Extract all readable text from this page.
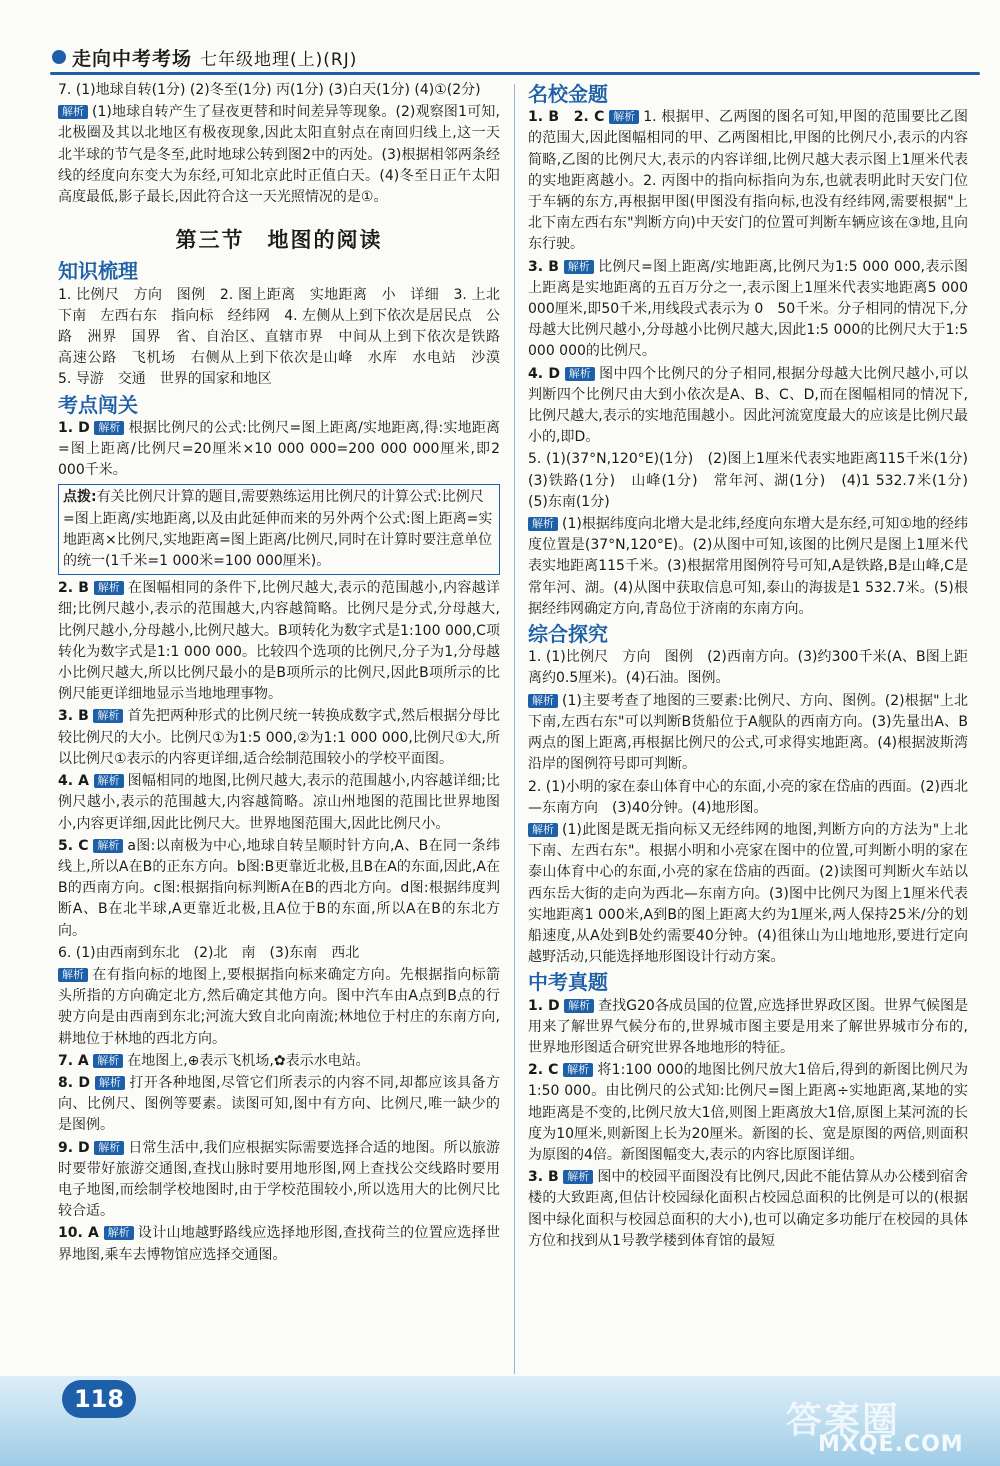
走向中考考场 七年级地理(上)(RJ)
7. (1)地球自转(1分) (2)冬至(1分) 丙(1分) (3)白天(1分) (4)①(2分)
解析 (1)地球自转产生了昼夜更替和时间差异等现象。(2)观察图1可知,北极圈及其以北地区有极夜现象,因此太阳直射点在南回归线上,这一天北半球的节气是冬至,此时地球公转到图2中的丙处。(3)根据相邻两条经线的经度向东变大为东经,可知北京此时正值白天。(4)冬至日正午太阳高度最低,影子最长,因此符合这一天光照情况的是①。
第三节　地图的阅读
知识梳理
1. 比例尺　方向　图例　2. 图上距离　实地距离　小　详细　3. 上北下南　左西右东　指向标　经纬网　4. 左侧从上到下依次是居民点　公路　洲界　国界　省、自治区、直辖市界　中间从上到下依次是铁路　高速公路　飞机场　右侧从上到下依次是山峰　水库　水电站　沙漠　5. 导游　交通　世界的国家和地区
考点闯关
1. D 解析 根据比例尺的公式:比例尺=图上距离/实地距离,得:实地距离=图上距离/比例尺=20厘米×10 000 000=200 000 000厘米,即2 000千米。
点拨:有关比例尺计算的题目,需要熟练运用比例尺的计算公式:比例尺=图上距离/实地距离,以及由此延伸而来的另外两个公式:图上距离=实地距离×比例尺,实地距离=图上距离/比例尺,同时在计算时要注意单位的统一(1千米=1 000米=100 000厘米)。
2. B 解析 在图幅相同的条件下,比例尺越大,表示的范围越小,内容越详细;比例尺越小,表示的范围越大,内容越简略。比例尺是分式,分母越大,比例尺越小,分母越小,比例尺越大。B项转化为数字式是1:100 000,C项转化为数字式是1:1 000 000。比较四个选项的比例尺,分子为1,分母越小比例尺越大,所以比例尺最小的是B项所示的比例尺,因此B项所示的比例尺能更详细地显示当地地理事物。
3. B 解析 首先把两种形式的比例尺统一转换成数字式,然后根据分母比较比例尺的大小。比例尺①为1:5 000,②为1:1 000 000,比例尺①大,所以比例尺①表示的内容更详细,适合绘制范围较小的学校平面图。
4. A 解析 图幅相同的地图,比例尺越大,表示的范围越小,内容越详细;比例尺越小,表示的范围越大,内容越简略。凉山州地图的范围比世界地图小,内容更详细,因此比例尺大。世界地图范围大,因此比例尺小。
5. C 解析 a图:以南极为中心,地球自转呈顺时针方向,A、B在同一条纬线上,所以A在B的正东方向。b图:B更靠近北极,且B在A的东面,因此,A在B的西南方向。c图:根据指向标判断A在B的西北方向。d图:根据纬度判断A、B在北半球,A更靠近北极,且A位于B的东面,所以A在B的东北方向。
6. (1)由西南到东北　(2)北　南　(3)东南　西北
解析 在有指向标的地图上,要根据指向标来确定方向。先根据指向标箭头所指的方向确定北方,然后确定其他方向。图中汽车由A点到B点的行驶方向是由西南到东北;河流大致自北向南流;林地位于村庄的东南方向,耕地位于林地的西北方向。
7. A 解析 在地图上,⊕表示飞机场,✿表示水电站。
8. D 解析 打开各种地图,尽管它们所表示的内容不同,却都应该具备方向、比例尺、图例等要素。读图可知,图中有方向、比例尺,唯一缺少的是图例。
9. D 解析 日常生活中,我们应根据实际需要选择合适的地图。所以旅游时要带好旅游交通图,查找山脉时要用地形图,网上查找公交线路时要用电子地图,而绘制学校地图时,由于学校范围较小,所以选用大的比例尺比较合适。
10. A 解析 设计山地越野路线应选择地形图,查找荷兰的位置应选择世界地图,乘车去博物馆应选择交通图。
名校金题
1. B　2. C 解析 1. 根据甲、乙两图的图名可知,甲图的范围要比乙图的范围大,因此图幅相同的甲、乙两图相比,甲图的比例尺小,表示的内容简略,乙图的比例尺大,表示的内容详细,比例尺越大表示图上1厘米代表的实地距离越小。2. 丙图中的指向标指向为东,也就表明此时天安门位于车辆的东方,再根据甲图(甲图没有指向标,也没有经纬网,需要根据"上北下南左西右东"判断方向)中天安门的位置可判断车辆应该在③地,且向东行驶。
3. B 解析 比例尺=图上距离/实地距离,比例尺为1:5 000 000,表示图上距离是实地距离的五百万分之一,表示图上1厘米代表实地距离5 000 000厘米,即50千米,用线段式表示为 0　50千米。分子相同的情况下,分母越大比例尺越小,分母越小比例尺越大,因此1:5 000的比例尺大于1:5 000 000的比例尺。
4. D 解析 图中四个比例尺的分子相同,根据分母越大比例尺越小,可以判断四个比例尺由大到小依次是A、B、C、D,而在图幅相同的情况下,比例尺越大,表示的实地范围越小。因此河流宽度最大的应该是比例尺最小的,即D。
5. (1)(37°N,120°E)(1分)　(2)图上1厘米代表实地距离115千米(1分)　(3)铁路(1分)　山峰(1分)　常年河、湖(1分)　(4)1 532.7米(1分)　(5)东南(1分)
解析 (1)根据纬度向北增大是北纬,经度向东增大是东经,可知①地的经纬度位置是(37°N,120°E)。(2)从图中可知,该图的比例尺是图上1厘米代表实地距离115千米。(3)根据常用图例符号可知,A是铁路,B是山峰,C是常年河、湖。(4)从图中获取信息可知,泰山的海拔是1 532.7米。(5)根据经纬网确定方向,青岛位于济南的东南方向。
综合探究
1. (1)比例尺　方向　图例　(2)西南方向。(3)约300千米(A、B图上距离约0.5厘米)。(4)石油。图例。
解析 (1)主要考查了地图的三要素:比例尺、方向、图例。(2)根据"上北下南,左西右东"可以判断B货船位于A舰队的西南方向。(3)先量出A、B两点的图上距离,再根据比例尺的公式,可求得实地距离。(4)根据波斯湾沿岸的图例符号即可判断。
2. (1)小明的家在泰山体育中心的东面,小亮的家在岱庙的西面。(2)西北—东南方向　(3)40分钟。(4)地形图。
解析 (1)此图是既无指向标又无经纬网的地图,判断方向的方法为"上北下南、左西右东"。根据小明和小亮家在图中的位置,可判断小明的家在泰山体育中心的东面,小亮的家在岱庙的西面。(2)读图可判断火车站以西东岳大街的走向为西北—东南方向。(3)图中比例尺为图上1厘米代表实地距离1 000米,A到B的图上距离大约为1厘米,两人保持25米/分的划船速度,从A处到B处约需要40分钟。(4)徂徕山为山地地形,要进行定向越野活动,只能选择地形图设计行动方案。
中考真题
1. D 解析 查找G20各成员国的位置,应选择世界政区图。世界气候图是用来了解世界气候分布的,世界城市图主要是用来了解世界城市分布的,世界地形图适合研究世界各地地形的特征。
2. C 解析 将1:100 000的地图比例尺放大1倍后,得到的新图比例尺为1:50 000。由比例尺的公式知:比例尺=图上距离÷实地距离,某地的实地距离是不变的,比例尺放大1倍,则图上距离放大1倍,原图上某河流的长度为10厘米,则新图上长为20厘米。新图的长、宽是原图的两倍,则面积为原图的4倍。新图图幅变大,表示的内容比原图详细。
3. B 解析 图中的校园平面图没有比例尺,因此不能估算从办公楼到宿舍楼的大致距离,但估计校园绿化面积占校园总面积的比例是可以的(根据图中绿化面积与校园总面积的大小),也可以确定多功能厅在校园的具体方位和找到从1号教学楼到体育馆的最短
118
答案圈
MXQE.COM
